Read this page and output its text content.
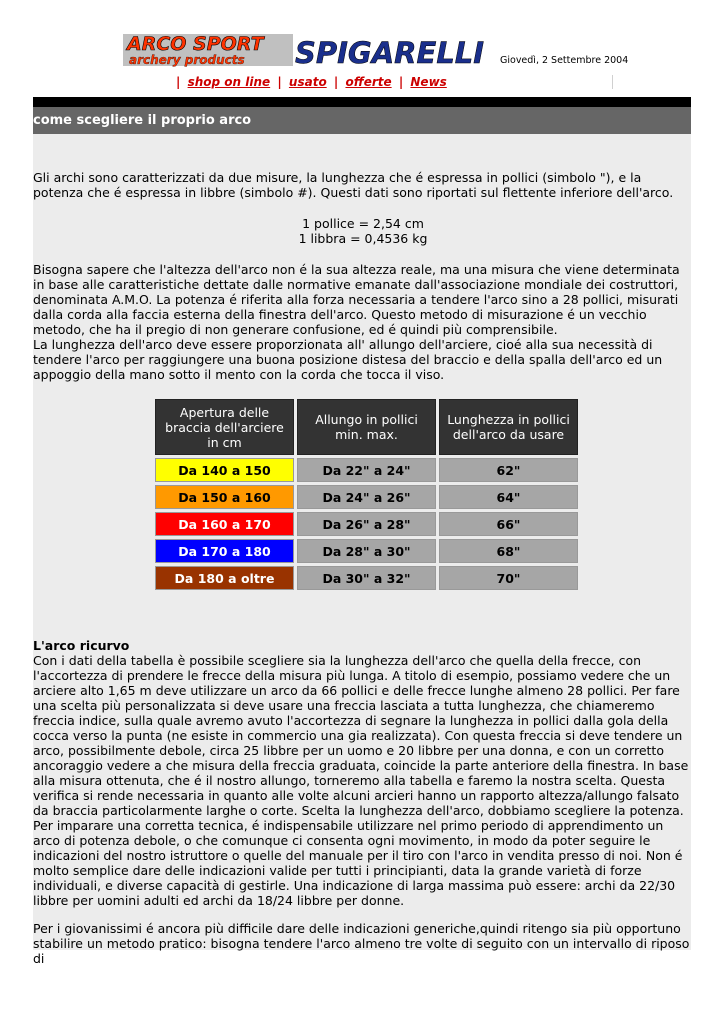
ARCO SPORT
archery products SPIGARELLI Giovedì, 2 Settembre 2004
| shop on line | usato | offerte | News
come scegliere il proprio arco

Gli archi sono caratterizzati da due misure, la lunghezza che é espressa in pollici (simbolo "), e la potenza che é espressa in libbre (simbolo #). Questi dati sono riportati sul flettente inferiore dell'arco.

1 pollice = 2,54 cm

1 libbra = 0,4536 kg

Bisogna sapere che l'altezza dell'arco non é la sua altezza reale, ma una misura che viene determinata in base alle caratteristiche dettate dalle normative emanate dall'associazione mondiale dei costruttori, denominata A.M.O. La potenza é riferita alla forza necessaria a tendere l'arco sino a 28 pollici, misurati dalla corda alla faccia esterna della finestra dell'arco. Questo metodo di misurazione é un vecchio metodo, che ha il pregio di non generare confusione, ed é quindi più comprensibile.

La lunghezza dell'arco deve essere proporzionata all' allungo dell'arciere, cioé alla sua necessità di tendere l'arco per raggiungere una buona posizione distesa del braccio e della spalla dell'arco ed un appoggio della mano sotto il mento con la corda che tocca il viso.

Apertura delle braccia dell'arciere in cm	Allungo in pollici min. max.	Lunghezza in pollici dell'arco da usare
Da 140 a 150	Da 22" a 24"	62"
Da 150 a 160	Da 24" a 26"	64"
Da 160 a 170	Da 26" a 28"	66"
Da 170 a 180	Da 28" a 30"	68"
Da 180 a oltre	Da 30" a 32"	70"
L'arco ricurvo

Con i dati della tabella è possibile scegliere sia la lunghezza dell'arco che quella della frecce, con l'accortezza di prendere le frecce della misura più lunga. A titolo di esempio, possiamo vedere che un arciere alto 1,65 m deve utilizzare un arco da 66 pollici e delle frecce lunghe almeno 28 pollici. Per fare una scelta più personalizzata si deve usare una freccia lasciata a tutta lunghezza, che chiameremo freccia indice, sulla quale avremo avuto l'accortezza di segnare la lunghezza in pollici dalla gola della cocca verso la punta (ne esiste in commercio una gia realizzata). Con questa freccia si deve tendere un arco, possibilmente debole, circa 25 libbre per un uomo e 20 libbre per una donna, e con un corretto ancoraggio vedere a che misura della freccia graduata, coincide la parte anteriore della finestra. In base alla misura ottenuta, che é il nostro allungo, torneremo alla tabella e faremo la nostra scelta. Questa verifica si rende necessaria in quanto alle volte alcuni arcieri hanno un rapporto altezza/allungo falsato da braccia particolarmente larghe o corte. Scelta la lunghezza dell'arco, dobbiamo scegliere la potenza. Per imparare una corretta tecnica, é indispensabile utilizzare nel primo periodo di apprendimento un arco di potenza debole, o che comunque ci consenta ogni movimento, in modo da poter seguire le indicazioni del nostro istruttore o quelle del manuale per il tiro con l'arco in vendita presso di noi. Non é molto semplice dare delle indicazioni valide per tutti i principianti, data la grande varietà di forze individuali, e diverse capacità di gestirle. Una indicazione di larga massima può essere: archi da 22/30 libbre per uomini adulti ed archi da 18/24 libbre per donne.

Per i giovanissimi é ancora più difficile dare delle indicazioni generiche,quindi ritengo sia più opportuno stabilire un metodo pratico: bisogna tendere l'arco almeno tre volte di seguito con un intervallo di riposo di
